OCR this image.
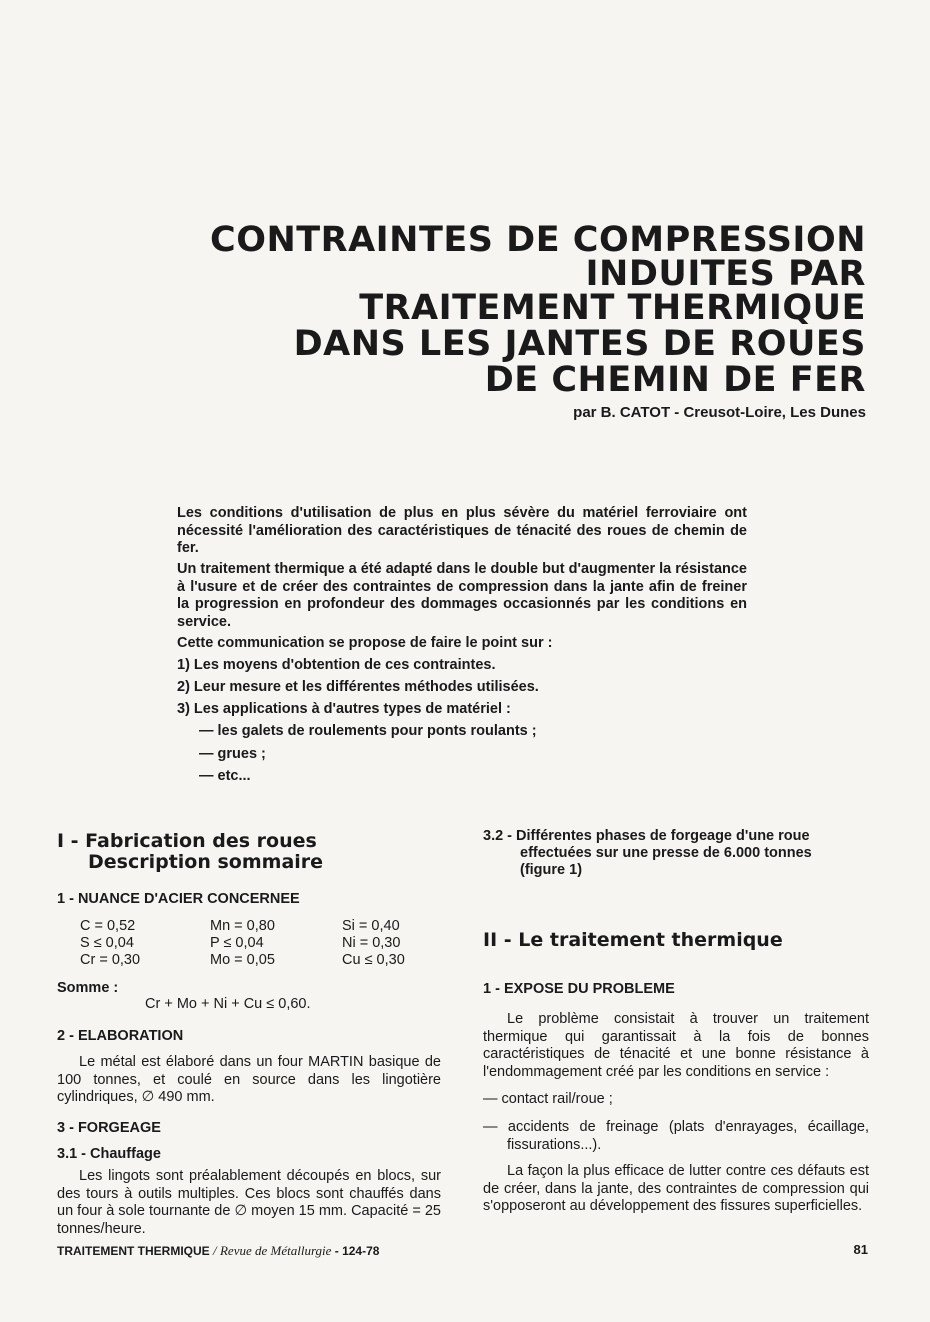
CONTRAINTES DE COMPRESSION
INDUITES PAR
TRAITEMENT THERMIQUE
DANS LES JANTES DE ROUES
DE CHEMIN DE FER
par B. CATOT - Creusot-Loire, Les Dunes

Les conditions d'utilisation de plus en plus sévère du matériel ferroviaire ont nécessité l'amélioration des caractéristiques de ténacité des roues de chemin de fer.

Un traitement thermique a été adapté dans le double but d'augmenter la résistance à l'usure et de créer des contraintes de compression dans la jante afin de freiner la progression en profondeur des dommages occasionnés par les conditions en service.

Cette communication se propose de faire le point sur :
1) Les moyens d'obtention de ces contraintes.
2) Leur mesure et les différentes méthodes utilisées.
3) Les applications à d'autres types de matériel :
— les galets de roulements pour ponts roulants ;
— grues ;
— etc...
I - Fabrication des roues
Description sommaire
1 - NUANCE D'ACIER CONCERNEE
C = 0,52	Mn = 0,80	Si = 0,40
S ≤ 0,04	P ≤ 0,04	Ni = 0,30
Cr = 0,30	Mo = 0,05	Cu ≤ 0,30
Somme :
Cr + Mo + Ni + Cu ≤ 0,60.
2 - ELABORATION
Le métal est élaboré dans un four MARTIN basique de 100 tonnes, et coulé en source dans les lingotière cylindriques, ∅ 490 mm.
3 - FORGEAGE
3.1 - Chauffage
Les lingots sont préalablement découpés en blocs, sur des tours à outils multiples. Ces blocs sont chauffés dans un four à sole tournante de ∅ moyen 15 mm. Capacité = 25 tonnes/heure.
3.2 - Différentes phases de forgeage d'une roue
effectuées sur une presse de 6.000 tonnes
(figure 1)
II - Le traitement thermique
1 - EXPOSE DU PROBLEME
Le problème consistait à trouver un traitement thermique qui garantissait à la fois de bonnes caractéristiques de ténacité et une bonne résistance à l'endommagement créé par les conditions en service :
— contact rail/roue ;
— accidents de freinage (plats d'enrayages, écaillage, fissurations...).
La façon la plus efficace de lutter contre ces défauts est de créer, dans la jante, des contraintes de compression qui s'opposeront au développement des fissures superficielles.
TRAITEMENT THERMIQUE / Revue de Métallurgie - 124-78	81
